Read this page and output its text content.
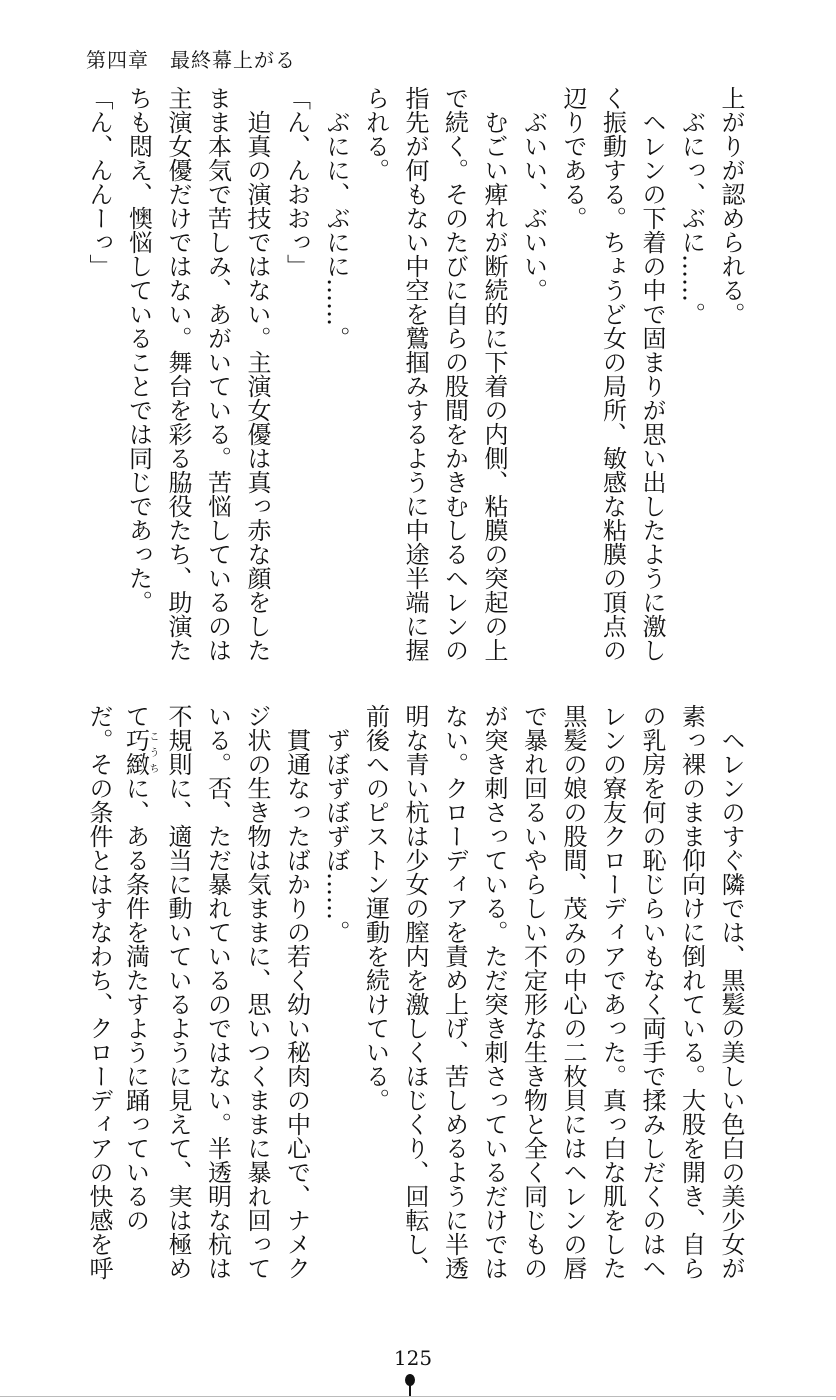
第四章　最終幕上がる
上がりが認められる。
　ぶにっ、ぶに……。
　ヘレンの下着の中で固まりが思い出したように激し
く振動する。ちょうど女の局所、敏感な粘膜の頂点の
辺りである。
　ぶいい、ぶいい。
　むごい痺れが断続的に下着の内側、粘膜の突起の上
で続く。そのたびに自らの股間をかきむしるヘレンの
指先が何もない中空を鷲掴みするように中途半端に握
られる。
　ぶにに、ぶにに……。
「ん、んおおっ」
　迫真の演技ではない。主演女優は真っ赤な顔をした
まま本気で苦しみ、あがいている。苦悩しているのは
主演女優だけではない。舞台を彩る脇役たち、助演た
ちも悶え、懊悩していることでは同じであった。
「ん、んんーっ」
　ヘレンのすぐ隣では、黒髪の美しい色白の美少女が
素っ裸のまま仰向けに倒れている。大股を開き、自ら
の乳房を何の恥じらいもなく両手で揉みしだくのはヘ
レンの寮友クローディアであった。真っ白な肌をした
黒髪の娘の股間、茂みの中心の二枚貝にはヘレンの唇
で暴れ回るいやらしい不定形な生き物と全く同じもの
が突き刺さっている。ただ突き刺さっているだけでは
ない。クローディアを責め上げ、苦しめるように半透
明な青い杭は少女の膣内を激しくほじくり、回転し、
前後へのピストン運動を続けている。
　ずぼずぼずぼ……。
　貫通なったばかりの若く幼い秘肉の中心で、ナメク
ジ状の生き物は気ままに、思いつくままに暴れ回って
いる。否、ただ暴れているのではない。半透明な杭は
不規則に、適当に動いているように見えて、実は極め
て巧緻こうちに、ある条件を満たすように踊っているの
だ。その条件とはすなわち、クローディアの快感を呼
125
